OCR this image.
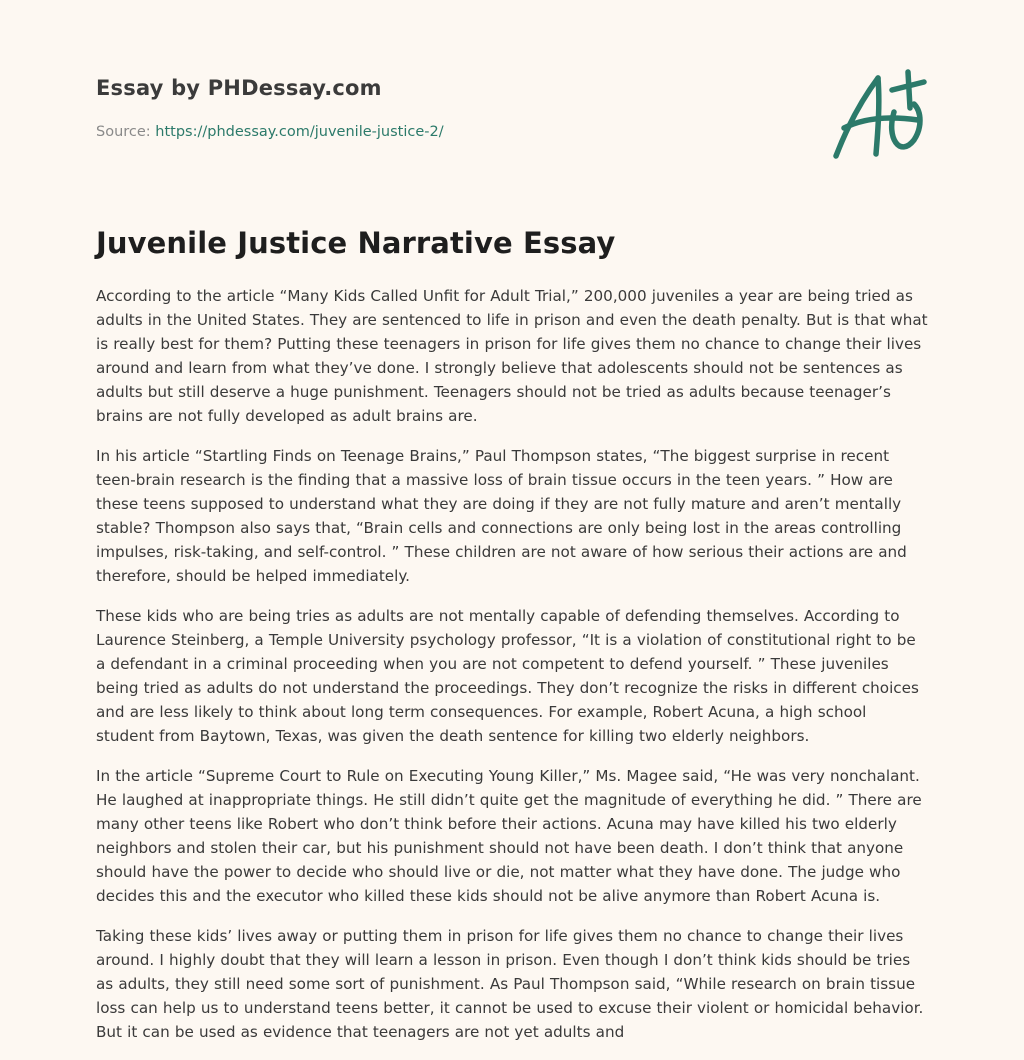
Essay by PHDessay.com
Source: https://phdessay.com/juvenile-justice-2/
Juvenile Justice Narrative Essay

According to the article “Many Kids Called Unfit for Adult Trial,” 200,000 juveniles a year are being tried as adults in the United States. They are sentenced to life in prison and even the death penalty. But is that what is really best for them? Putting these teenagers in prison for life gives them no chance to change their lives around and learn from what they’ve done. I strongly believe that adolescents should not be sentences as adults but still deserve a huge punishment. Teenagers should not be tried as adults because teenager’s brains are not fully developed as adult brains are.

In his article “Startling Finds on Teenage Brains,” Paul Thompson states, “The biggest surprise in recent teen-brain research is the finding that a massive loss of brain tissue occurs in the teen years. ” How are these teens supposed to understand what they are doing if they are not fully mature and aren’t mentally stable? Thompson also says that, “Brain cells and connections are only being lost in the areas controlling impulses, risk-taking, and self-control. ” These children are not aware of how serious their actions are and therefore, should be helped immediately.

These kids who are being tries as adults are not mentally capable of defending themselves. According to Laurence Steinberg, a Temple University psychology professor, “It is a violation of constitutional right to be a defendant in a criminal proceeding when you are not competent to defend yourself. ” These juveniles being tried as adults do not understand the proceedings. They don’t recognize the risks in different choices and are less likely to think about long term consequences. For example, Robert Acuna, a high school student from Baytown, Texas, was given the death sentence for killing two elderly neighbors.

In the article “Supreme Court to Rule on Executing Young Killer,” Ms. Magee said, “He was very nonchalant. He laughed at inappropriate things. He still didn’t quite get the magnitude of everything he did. ” There are many other teens like Robert who don’t think before their actions. Acuna may have killed his two elderly neighbors and stolen their car, but his punishment should not have been death. I don’t think that anyone should have the power to decide who should live or die, not matter what they have done. The judge who decides this and the executor who killed these kids should not be alive anymore than Robert Acuna is.

Taking these kids’ lives away or putting them in prison for life gives them no chance to change their lives around. I highly doubt that they will learn a lesson in prison. Even though I don’t think kids should be tries as adults, they still need some sort of punishment. As Paul Thompson said, “While research on brain tissue loss can help us to understand teens better, it cannot be used to excuse their violent or homicidal behavior. But it can be used as evidence that teenagers are not yet adults and
